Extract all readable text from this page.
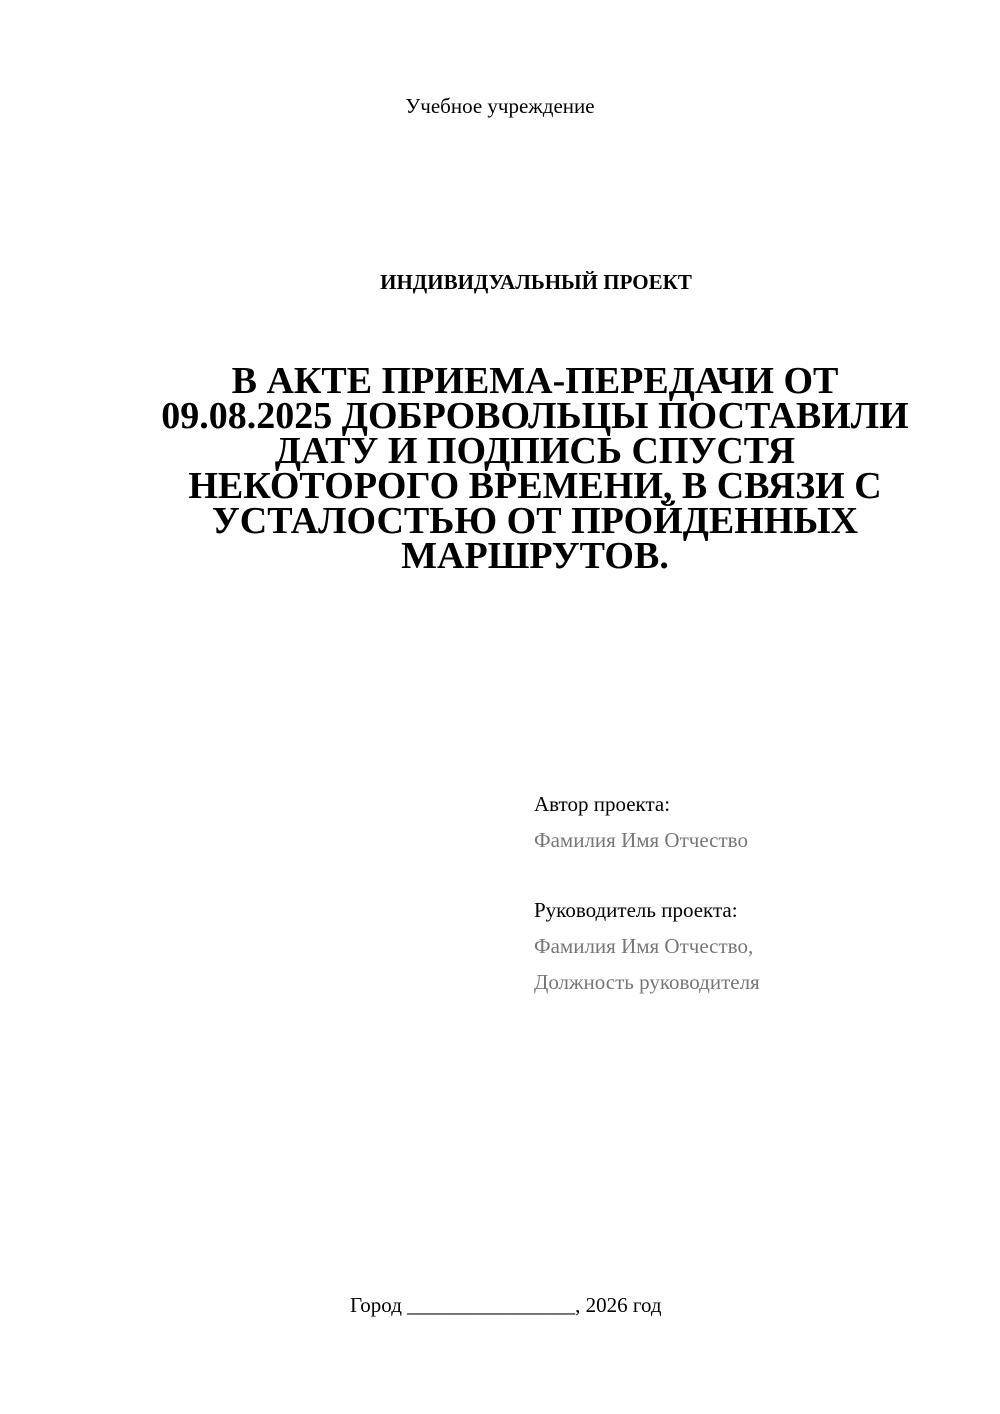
Учебное учреждение
ИНДИВИДУАЛЬНЫЙ ПРОЕКТ
В АКТЕ ПРИЕМА-ПЕРЕДАЧИ ОТ
09.08.2025 ДОБРОВОЛЬЦЫ ПОСТАВИЛИ
ДАТУ И ПОДПИСЬ СПУСТЯ
НЕКОТОРОГО ВРЕМЕНИ, В СВЯЗИ С
УСТАЛОСТЬЮ ОТ ПРОЙДЕННЫХ
МАРШРУТОВ.
Автор проекта:
Фамилия Имя Отчество
Руководитель проекта:
Фамилия Имя Отчество,
Должность руководителя
Город ________________, 2026 год
